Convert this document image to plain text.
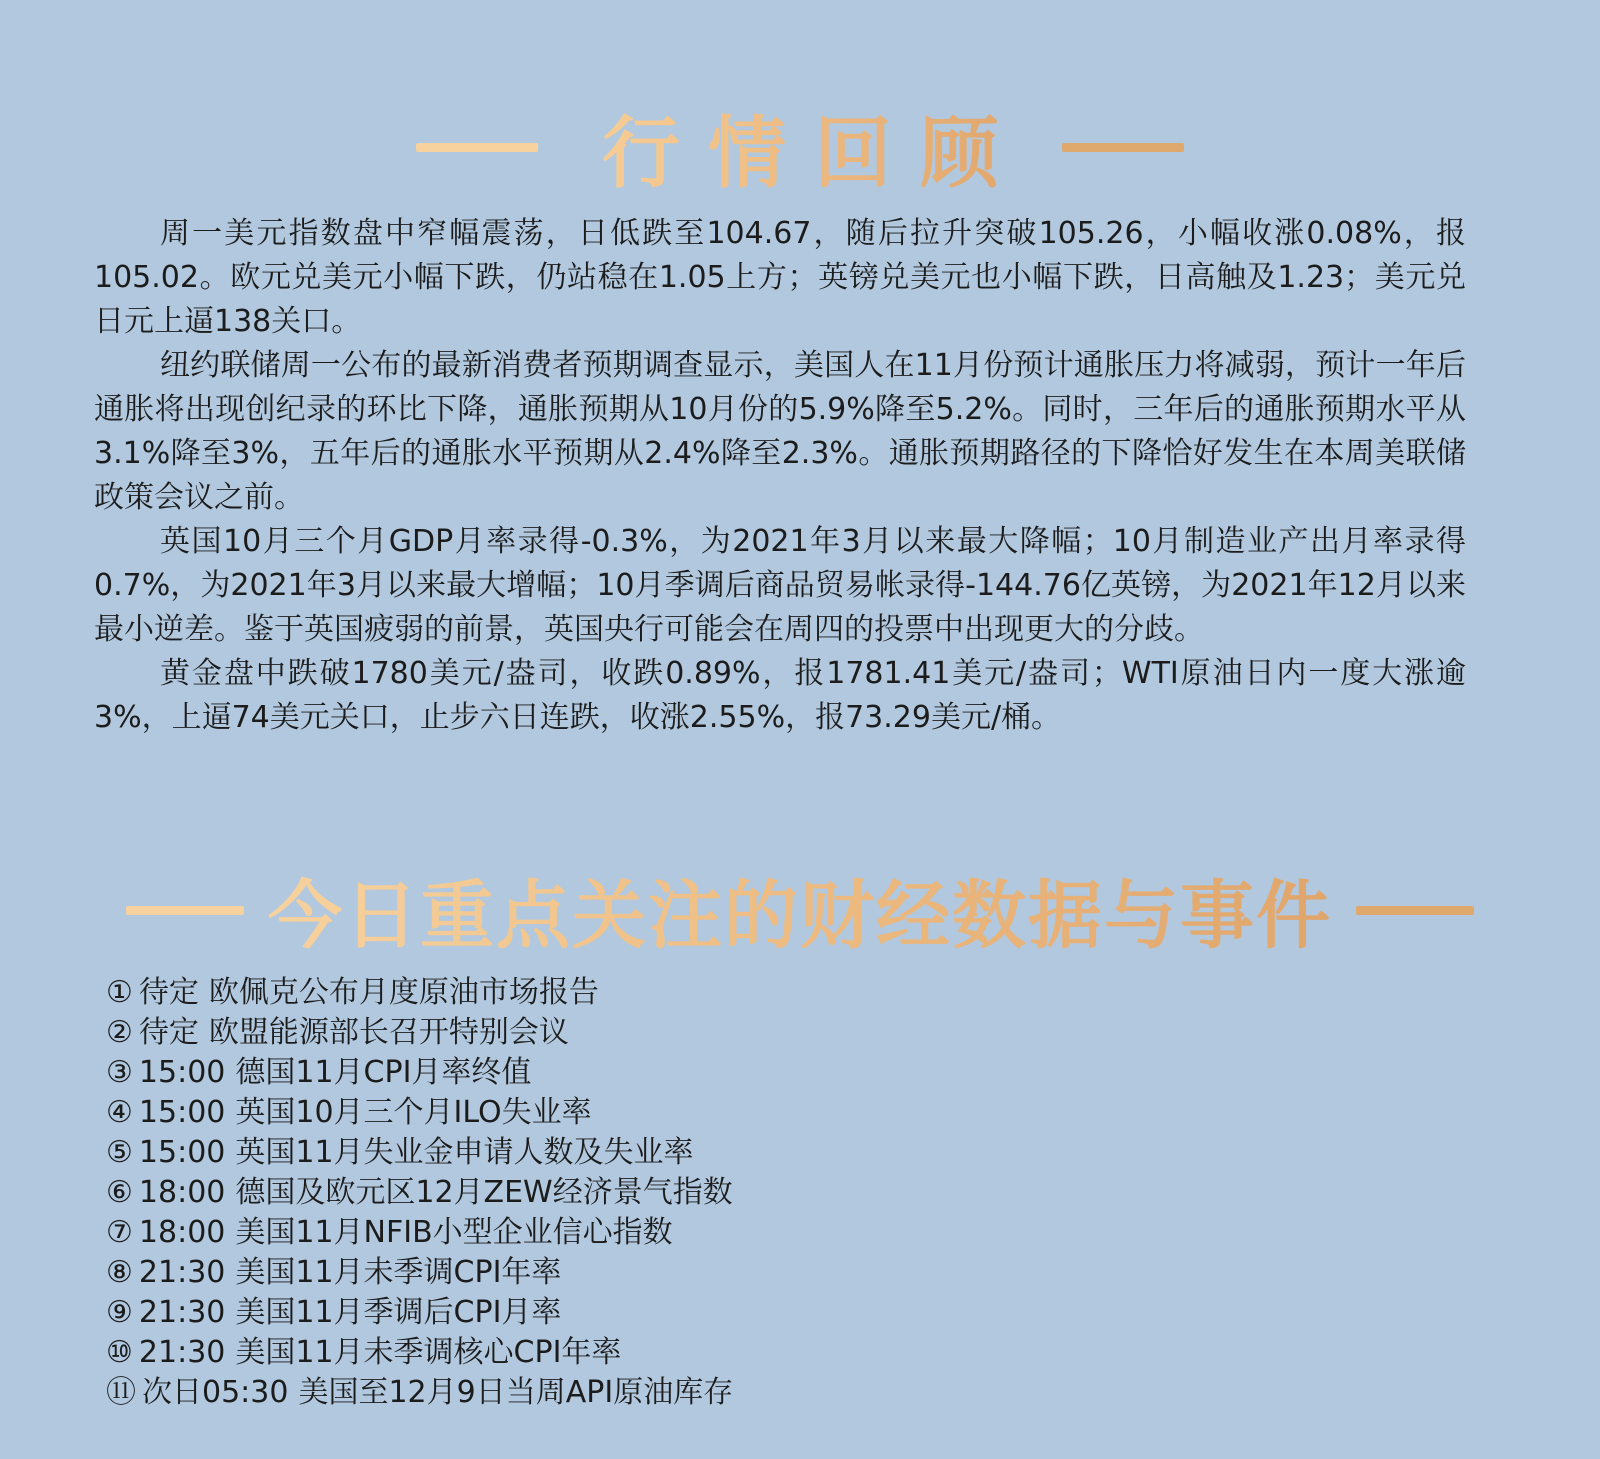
行情回顾

周一美元指数盘中窄幅震荡，日低跌至104.67，随后拉升突破105.26，小幅收涨0.08%，报105.02。欧元兑美元小幅下跌，仍站稳在1.05上方；英镑兑美元也小幅下跌，日高触及1.23；美元兑日元上逼138关口。

纽约联储周一公布的最新消费者预期调查显示，美国人在11月份预计通胀压力将减弱，预计一年后通胀将出现创纪录的环比下降，通胀预期从10月份的5.9%降至5.2%。同时，三年后的通胀预期水平从3.1%降至3%，五年后的通胀水平预期从2.4%降至2.3%。通胀预期路径的下降恰好发生在本周美联储政策会议之前。

英国10月三个月GDP月率录得-0.3%，为2021年3月以来最大降幅；10月制造业产出月率录得0.7%，为2021年3月以来最大增幅；10月季调后商品贸易帐录得-144.76亿英镑，为2021年12月以来最小逆差。鉴于英国疲弱的前景，英国央行可能会在周四的投票中出现更大的分歧。

黄金盘中跌破1780美元/盎司，收跌0.89%，报1781.41美元/盎司；WTI原油日内一度大涨逾3%，上逼74美元关口，止步六日连跌，收涨2.55%，报73.29美元/桶。

今日重点关注的财经数据与事件
① 待定 欧佩克公布月度原油市场报告
② 待定 欧盟能源部长召开特别会议
③ 15:00 德国11月CPI月率终值
④ 15:00 英国10月三个月ILO失业率
⑤ 15:00 英国11月失业金申请人数及失业率
⑥ 18:00 德国及欧元区12月ZEW经济景气指数
⑦ 18:00 美国11月NFIB小型企业信心指数
⑧ 21:30 美国11月未季调CPI年率
⑨ 21:30 美国11月季调后CPI月率
⑩ 21:30 美国11月未季调核心CPI年率
⑪ 次日05:30 美国至12月9日当周API原油库存
